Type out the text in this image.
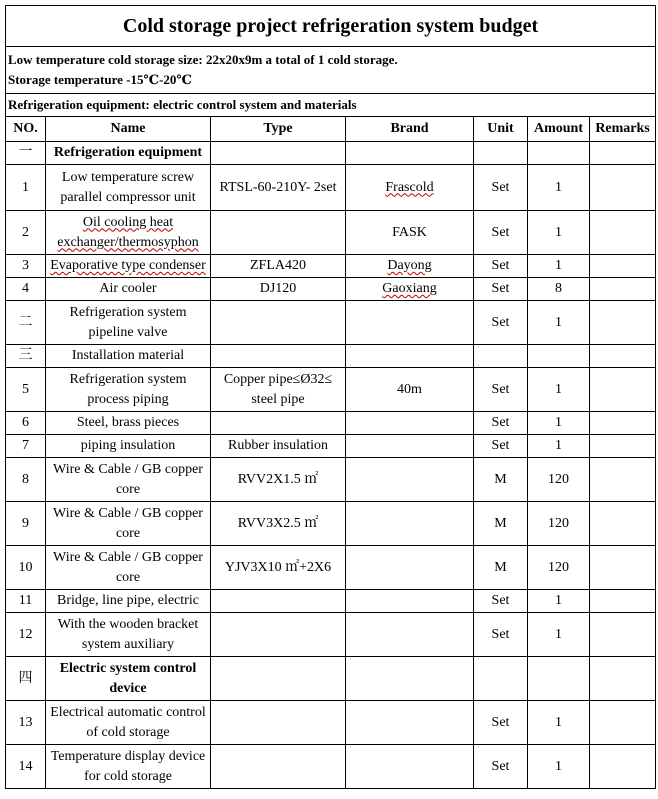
Cold storage project refrigeration system budget						

Low temperature cold storage size: 22x20x9m a total of 1 cold storage.
Storage temperature -15℃-20℃						

Refrigeration equipment: electric control system and materials						
NO.	Name	Type	Brand	Unit	Amount	Remarks
一	Refrigeration equipment					
1	Low temperature screw parallel compressor unit	RTSL-60-210Y- 2set	Frascold	Set	1	
2	Oil cooling heat exchanger/thermosyphon		FASK	Set	1	
3	Evaporative type condenser	ZFLA420	Dayong	Set	1	
4	Air cooler	DJ120	Gaoxiang	Set	8	
二	Refrigeration system pipeline valve			Set	1	
三	Installation material					
5	Refrigeration system process piping	Copper pipe≤Ø32≤ steel pipe	40m	Set	1	
6	Steel, brass pieces			Set	1	
7	piping insulation	Rubber insulation		Set	1	
8	Wire & Cable / GB copper core	RVV2X1.5 ㎡		M	120	
9	Wire & Cable / GB copper core	RVV3X2.5 ㎡		M	120	
10	Wire & Cable / GB copper core	YJV3X10 ㎡+2X6		M	120	
11	Bridge, line pipe, electric			Set	1	
12	With the wooden bracket system auxiliary			Set	1	
四	Electric system control device					
13	Electrical automatic control of cold storage			Set	1	
14	Temperature display device for cold storage			Set	1	
